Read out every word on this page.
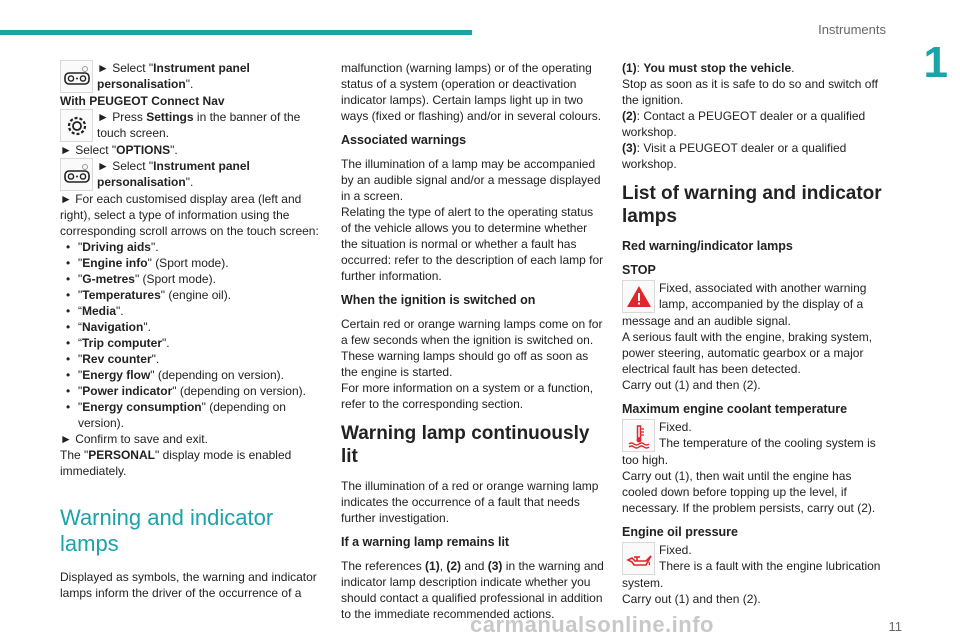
Instruments
1
► Select "Instrument panel personalisation".

With PEUGEOT Connect Nav

► Press Settings in the banner of the touch screen.

► Select "OPTIONS".

► Select "Instrument panel personalisation".

► For each customised display area (left and right), select a type of information using the corresponding scroll arrows on the touch screen:

• "Driving aids".
• "Engine info" (Sport mode).
• "G-metres" (Sport mode).
• "Temperatures" (engine oil).
• “Media".
• “Navigation".
• “Trip computer".
• "Rev counter".
• "Energy flow" (depending on version).
• "Power indicator" (depending on version).
• "Energy consumption" (depending on version).

► Confirm to save and exit.

The "PERSONAL" display mode is enabled immediately.

Warning and indicator lamps

Displayed as symbols, the warning and indicator lamps inform the driver of the occurrence of a

malfunction (warning lamps) or of the operating status of a system (operation or deactivation indicator lamps). Certain lamps light up in two ways (fixed or flashing) and/or in several colours.

Associated warnings

The illumination of a lamp may be accompanied by an audible signal and/or a message displayed in a screen.

Relating the type of alert to the operating status of the vehicle allows you to determine whether the situation is normal or whether a fault has occurred: refer to the description of each lamp for further information.

When the ignition is switched on

Certain red or orange warning lamps come on for a few seconds when the ignition is switched on. These warning lamps should go off as soon as the engine is started.

For more information on a system or a function, refer to the corresponding section.

Warning lamp continuously lit

The illumination of a red or orange warning lamp indicates the occurrence of a fault that needs further investigation.

If a warning lamp remains lit

The references (1), (2) and (3) in the warning and indicator lamp description indicate whether you should contact a qualified professional in addition to the immediate recommended actions.

(1): You must stop the vehicle.

Stop as soon as it is safe to do so and switch off the ignition.

(2): Contact a PEUGEOT dealer or a qualified workshop.

(3): Visit a PEUGEOT dealer or a qualified workshop.

List of warning and indicator lamps
Red warning/indicator lamps
STOP
Fixed, associated with another warning lamp, accompanied by the display of a

message and an audible signal.

A serious fault with the engine, braking system, power steering, automatic gearbox or a major electrical fault has been detected.

Carry out (1) and then (2).

Maximum engine coolant temperature

Fixed.

The temperature of the cooling system is

too high.

Carry out (1), then wait until the engine has cooled down before topping up the level, if necessary. If the problem persists, carry out (2).

Engine oil pressure

Fixed.

There is a fault with the engine lubrication

system.

Carry out (1) and then (2).

11
carmanualsonline.info
